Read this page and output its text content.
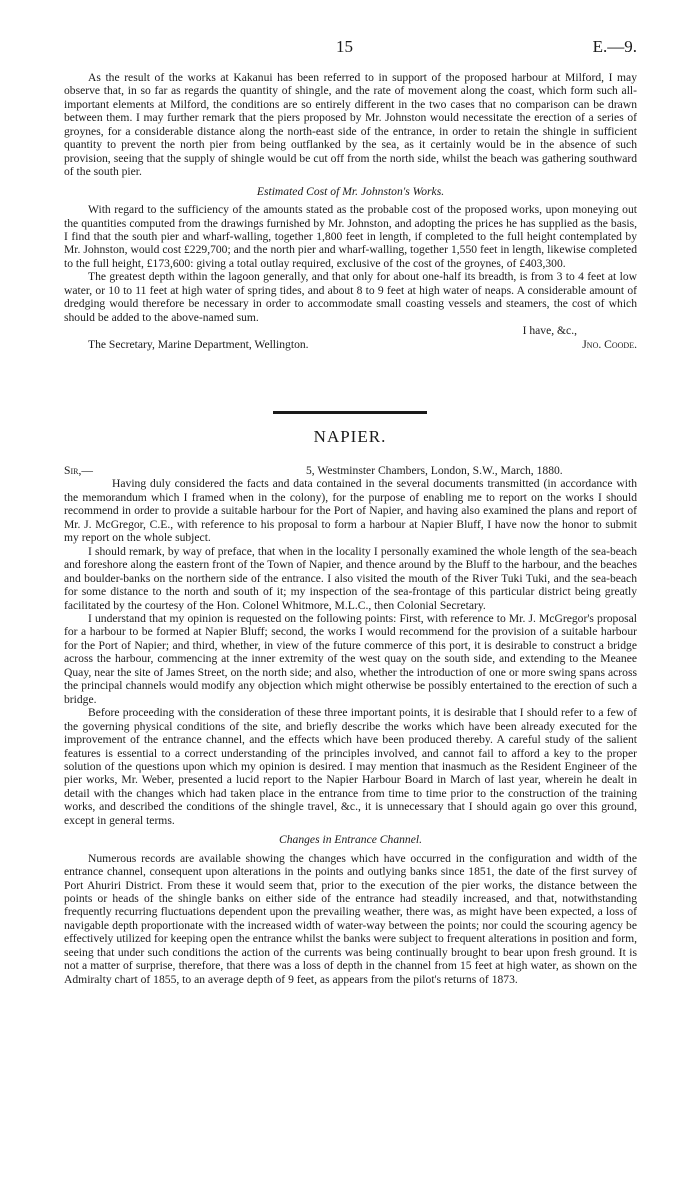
15	E.—9.

As the result of the works at Kakanui has been referred to in support of the proposed harbour at Milford, I may observe that, in so far as regards the quantity of shingle, and the rate of movement along the coast, which form such all-important elements at Milford, the conditions are so entirely different in the two cases that no comparison can be drawn between them. I may further remark that the piers proposed by Mr. Johnston would necessitate the erection of a series of groynes, for a considerable distance along the north-east side of the entrance, in order to retain the shingle in sufficient quantity to prevent the north pier from being outflanked by the sea, as it certainly would be in the absence of such provision, seeing that the supply of shingle would be cut off from the north side, whilst the beach was gathering southward of the south pier.

Estimated Cost of Mr. Johnston's Works.

With regard to the sufficiency of the amounts stated as the probable cost of the proposed works, upon moneying out the quantities computed from the drawings furnished by Mr. Johnston, and adopting the prices he has supplied as the basis, I find that the south pier and wharf-walling, together 1,800 feet in length, if completed to the full height contemplated by Mr. Johnston, would cost £229,700; and the north pier and wharf-walling, together 1,550 feet in length, likewise completed to the full height, £173,600: giving a total outlay required, exclusive of the cost of the groynes, of £403,300.

The greatest depth within the lagoon generally, and that only for about one-half its breadth, is from 3 to 4 feet at low water, or 10 to 11 feet at high water of spring tides, and about 8 to 9 feet at high water of neaps. A considerable amount of dredging would therefore be necessary in order to accommodate small coasting vessels and steamers, the cost of which should be added to the above-named sum.

I have, &c.,
The Secretary, Marine Department, Wellington.	Jno. Coode.
NAPIER.
Sir,—	5, Westminster Chambers, London, S.W., March, 1880.

Having duly considered the facts and data contained in the several documents transmitted (in accordance with the memorandum which I framed when in the colony), for the purpose of enabling me to report on the works I should recommend in order to provide a suitable harbour for the Port of Napier, and having also examined the plans and report of Mr. J. McGregor, C.E., with reference to his proposal to form a harbour at Napier Bluff, I have now the honor to submit my report on the whole subject.

I should remark, by way of preface, that when in the locality I personally examined the whole length of the sea-beach and foreshore along the eastern front of the Town of Napier, and thence around by the Bluff to the harbour, and the beaches and boulder-banks on the northern side of the entrance. I also visited the mouth of the River Tuki Tuki, and the sea-beach for some distance to the north and south of it; my inspection of the sea-frontage of this particular district being greatly facilitated by the courtesy of the Hon. Colonel Whitmore, M.L.C., then Colonial Secretary.

I understand that my opinion is requested on the following points: First, with reference to Mr. J. McGregor's proposal for a harbour to be formed at Napier Bluff; second, the works I would recommend for the provision of a suitable harbour for the Port of Napier; and third, whether, in view of the future commerce of this port, it is desirable to construct a bridge across the harbour, commencing at the inner extremity of the west quay on the south side, and extending to the Meanee Quay, near the site of James Street, on the north side; and also, whether the introduction of one or more swing spans across the principal channels would modify any objection which might otherwise be possibly entertained to the erection of such a bridge.

Before proceeding with the consideration of these three important points, it is desirable that I should refer to a few of the governing physical conditions of the site, and briefly describe the works which have been already executed for the improvement of the entrance channel, and the effects which have been produced thereby. A careful study of the salient features is essential to a correct understanding of the principles involved, and cannot fail to afford a key to the proper solution of the questions upon which my opinion is desired. I may mention that inasmuch as the Resident Engineer of the pier works, Mr. Weber, presented a lucid report to the Napier Harbour Board in March of last year, wherein he dealt in detail with the changes which had taken place in the entrance from time to time prior to the construction of the training works, and described the conditions of the shingle travel, &c., it is unnecessary that I should again go over this ground, except in general terms.

Changes in Entrance Channel.

Numerous records are available showing the changes which have occurred in the configuration and width of the entrance channel, consequent upon alterations in the points and outlying banks since 1851, the date of the first survey of Port Ahuriri District. From these it would seem that, prior to the execution of the pier works, the distance between the points or heads of the shingle banks on either side of the entrance had steadily increased, and that, notwithstanding frequently recurring fluctuations dependent upon the prevailing weather, there was, as might have been expected, a loss of navigable depth proportionate with the increased width of water-way between the points; nor could the scouring agency be effectively utilized for keeping open the entrance whilst the banks were subject to frequent alterations in position and form, seeing that under such conditions the action of the currents was being continually brought to bear upon fresh ground. It is not a matter of surprise, therefore, that there was a loss of depth in the channel from 15 feet at high water, as shown on the Admiralty chart of 1855, to an average depth of 9 feet, as appears from the pilot's returns of 1873.
